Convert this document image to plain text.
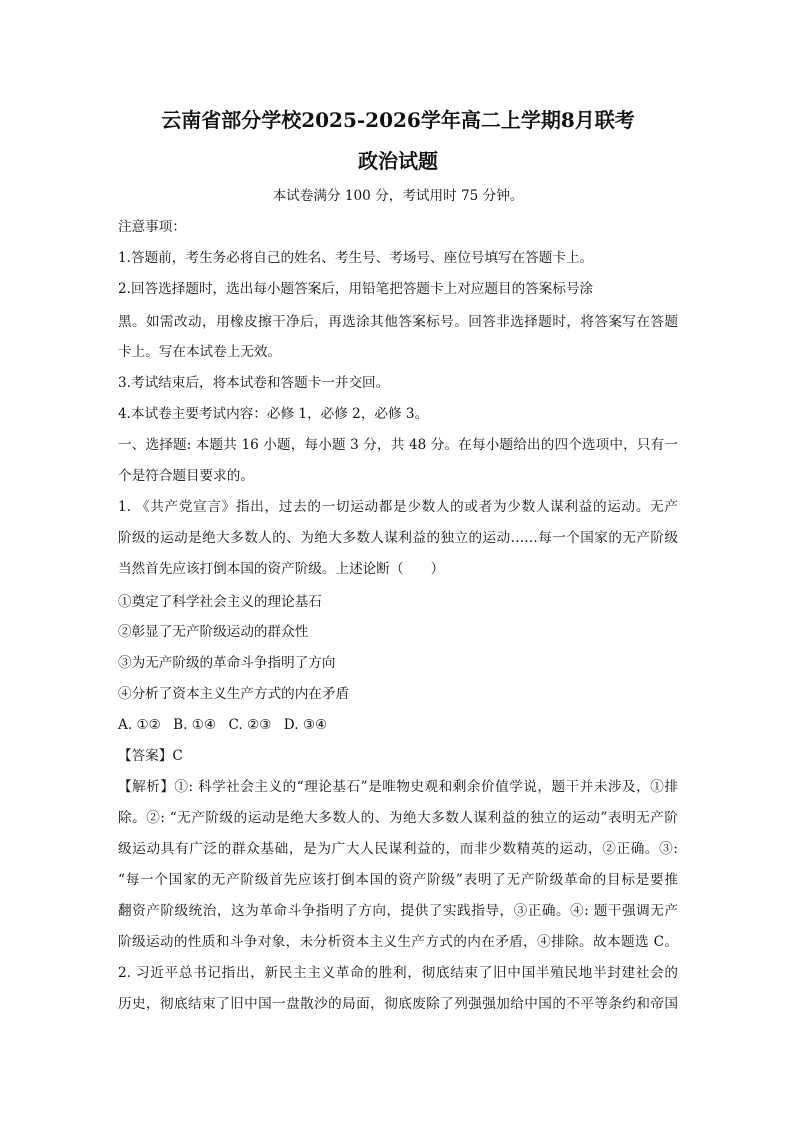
云南省部分学校2025-2026学年高二上学期8月联考
政治试题
本试卷满分 100 分，考试用时 75 分钟。
注意事项：
1.答题前，考生务必将自己的姓名、考生号、考场号、座位号填写在答题卡上。
2.回答选择题时，选出每小题答案后，用铅笔把答题卡上对应题目的答案标号涂
黑。如需改动，用橡皮擦干净后，再选涂其他答案标号。回答非选择题时，将答案写在答题
卡上。写在本试卷上无效。
3.考试结束后，将本试卷和答题卡一并交回。
4.本试卷主要考试内容：必修 1，必修 2，必修 3。
一、选择题: 本题共 16 小题，每小题 3 分，共 48 分。在每小题给出的四个选项中，只有一
个是符合题目要求的。
1. 《共产党宣言》指出，过去的一切运动都是少数人的或者为少数人谋利益的运动。无产
阶级的运动是绝大多数人的、为绝大多数人谋利益的独立的运动……每一个国家的无产阶级
当然首先应该打倒本国的资产阶级。上述论断（　　）
①奠定了科学社会主义的理论基石
②彰显了无产阶级运动的群众性
③为无产阶级的革命斗争指明了方向
④分析了资本主义生产方式的内在矛盾
A. ①② B. ①④ C. ②③ D. ③④
【答案】C
【解析】①: 科学社会主义的“理论基石”是唯物史观和剩余价值学说，题干并未涉及，①排
除。②: “无产阶级的运动是绝大多数人的、为绝大多数人谋利益的独立的运动”表明无产阶
级运动具有广泛的群众基础，是为广大人民谋利益的，而非少数精英的运动，②正确。③:
“每一个国家的无产阶级首先应该打倒本国的资产阶级”表明了无产阶级革命的目标是要推
翻资产阶级统治，这为革命斗争指明了方向，提供了实践指导，③正确。④: 题干强调无产
阶级运动的性质和斗争对象，未分析资本主义生产方式的内在矛盾，④排除。故本题选 C。
2. 习近平总书记指出，新民主主义革命的胜利，彻底结束了旧中国半殖民地半封建社会的
历史，彻底结束了旧中国一盘散沙的局面，彻底废除了列强强加给中国的不平等条约和帝国
